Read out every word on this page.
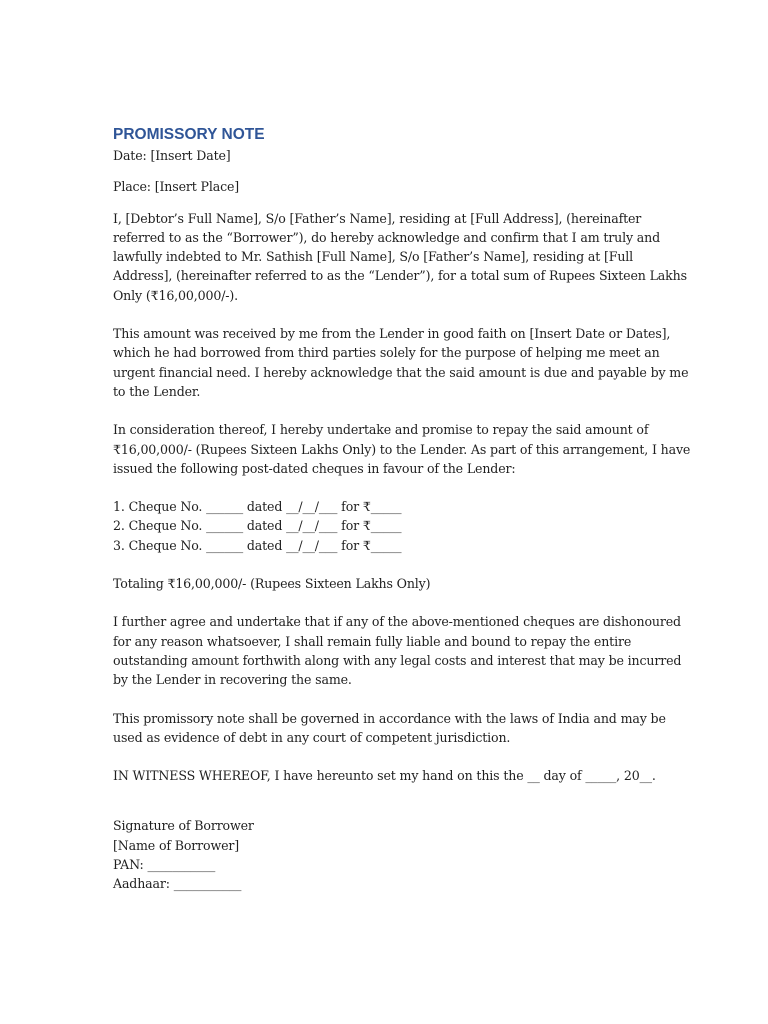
PROMISSORY NOTE
Date: [Insert Date]
Place: [Insert Place]
I, [Debtor’s Full Name], S/o [Father’s Name], residing at [Full Address], (hereinafter
referred to as the “Borrower”), do hereby acknowledge and confirm that I am truly and
lawfully indebted to Mr. Sathish [Full Name], S/o [Father’s Name], residing at [Full
Address], (hereinafter referred to as the “Lender”), for a total sum of Rupees Sixteen Lakhs
Only (₹16,00,000/-).
This amount was received by me from the Lender in good faith on [Insert Date or Dates],
which he had borrowed from third parties solely for the purpose of helping me meet an
urgent financial need. I hereby acknowledge that the said amount is due and payable by me
to the Lender.
In consideration thereof, I hereby undertake and promise to repay the said amount of
₹16,00,000/- (Rupees Sixteen Lakhs Only) to the Lender. As part of this arrangement, I have
issued the following post-dated cheques in favour of the Lender:
1. Cheque No. ______ dated __/__/___ for ₹_____
2. Cheque No. ______ dated __/__/___ for ₹_____
3. Cheque No. ______ dated __/__/___ for ₹_____
Totaling ₹16,00,000/- (Rupees Sixteen Lakhs Only)
I further agree and undertake that if any of the above-mentioned cheques are dishonoured
for any reason whatsoever, I shall remain fully liable and bound to repay the entire
outstanding amount forthwith along with any legal costs and interest that may be incurred
by the Lender in recovering the same.
This promissory note shall be governed in accordance with the laws of India and may be
used as evidence of debt in any court of competent jurisdiction.
IN WITNESS WHEREOF, I have hereunto set my hand on this the __ day of _____, 20__.
Signature of Borrower
[Name of Borrower]
PAN: ___________
Aadhaar: ___________
